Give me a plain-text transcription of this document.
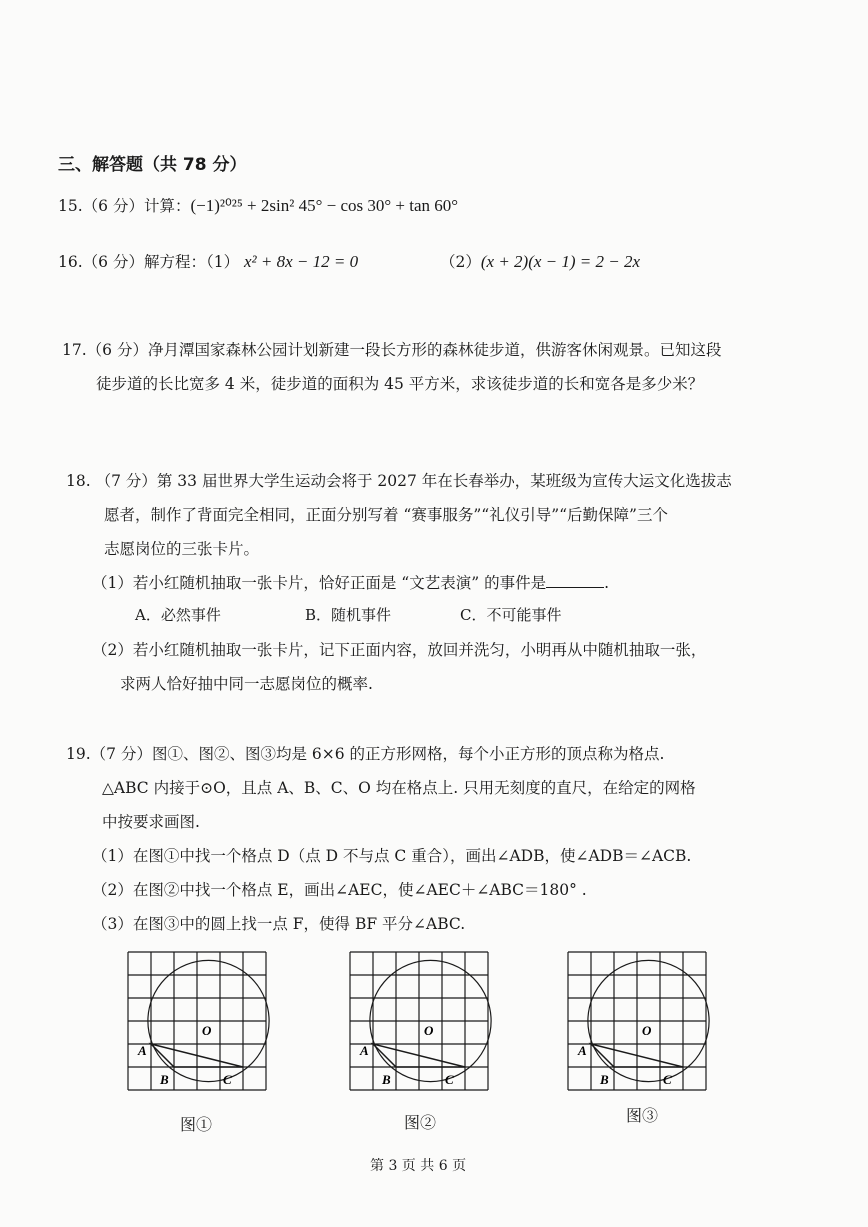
三、解答题（共 78 分）
15.（6 分）计算：(−1)²⁰²⁵ + 2sin² 45° − cos 30° + tan 60°
16.（6 分）解方程：（1） x² + 8x − 12 = 0	（2）(x + 2)(x − 1) = 2 − 2x
17.（6 分）净月潭国家森林公园计划新建一段长方形的森林徒步道，供游客休闲观景。已知这段
徒步道的长比宽多 4 米，徒步道的面积为 45 平方米，求该徒步道的长和宽各是多少米？
18. （7 分）第 33 届世界大学生运动会将于 2027 年在长春举办，某班级为宣传大运文化选拔志
愿者，制作了背面完全相同，正面分别写着 “赛事服务”“礼仪引导”“后勤保障”三个
志愿岗位的三张卡片。
（1）若小红随机抽取一张卡片，恰好正面是 “文艺表演” 的事件是	.
A．必然事件	B．随机事件	C．不可能事件
（2）若小红随机抽取一张卡片，记下正面内容，放回并洗匀，小明再从中随机抽取一张，
求两人恰好抽中同一志愿岗位的概率.
19.（7 分）图①、图②、图③均是 6×6 的正方形网格，每个小正方形的顶点称为格点.
△ABC 内接于⊙O，且点 A、B、C、O 均在格点上. 只用无刻度的直尺，在给定的网格
中按要求画图.
（1）在图①中找一个格点 D（点 D 不与点 C 重合），画出∠ADB，使∠ADB＝∠ACB.
（2）在图②中找一个格点 E，画出∠AEC，使∠AEC＋∠ABC＝180° .
（3）在图③中的圆上找一点 F，使得 BF 平分∠ABC.
A
B	C
O
A
B	C
O
A
B	C
O
图①	图②	图③
第 3 页 共 6 页
